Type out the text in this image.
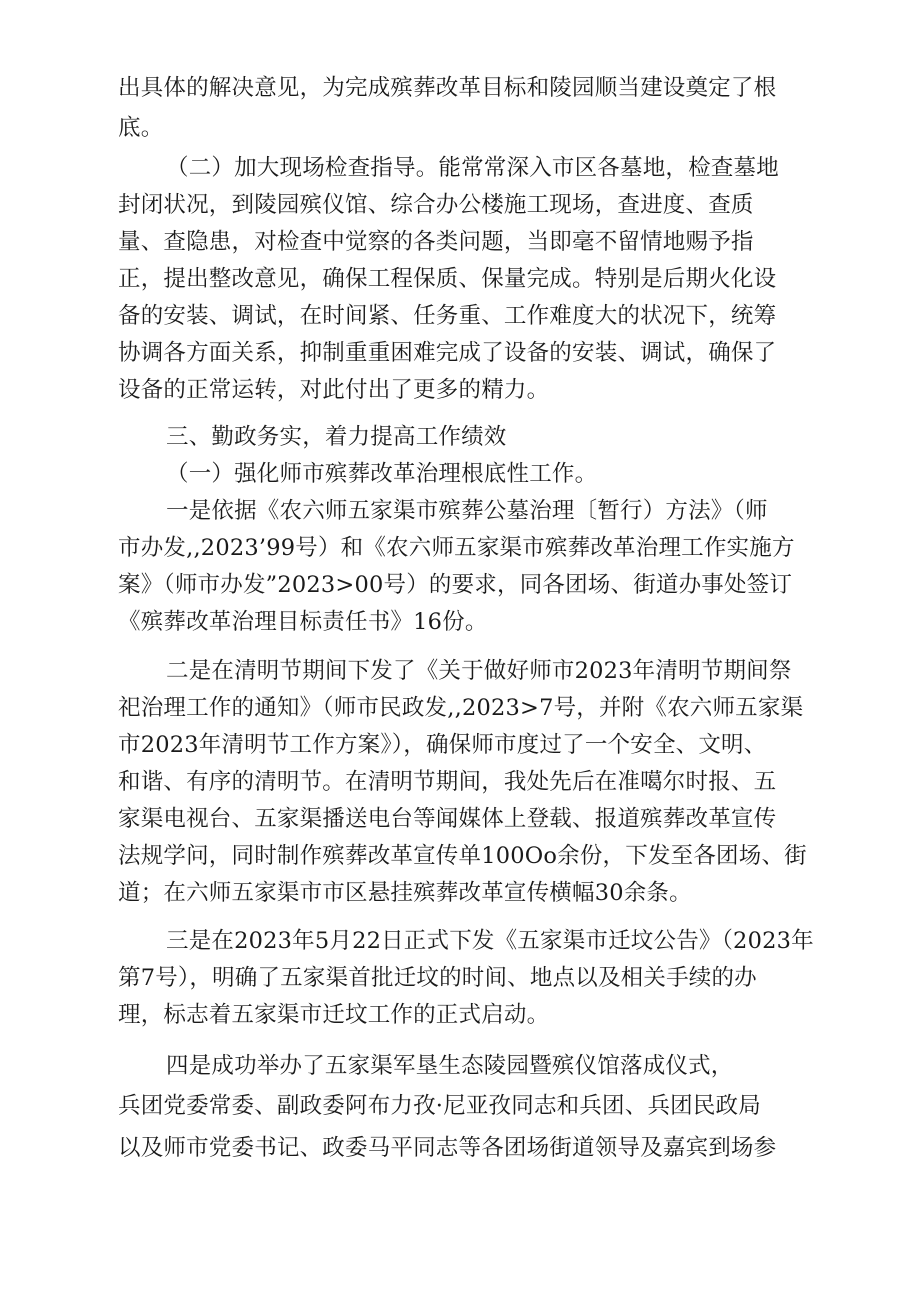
出具体的解决意见，为完成殡葬改革目标和陵园顺当建设奠定了根
底。
（二）加大现场检查指导。能常常深入市区各墓地，检查墓地
封闭状况，到陵园殡仪馆、综合办公楼施工现场，查进度、查质
量、查隐患，对检查中觉察的各类问题，当即毫不留情地赐予指
正，提出整改意见，确保工程保质、保量完成。特别是后期火化设
备的安装、调试，在时间紧、任务重、工作难度大的状况下，统筹
协调各方面关系，抑制重重困难完成了设备的安装、调试，确保了
设备的正常运转，对此付出了更多的精力。
三、勤政务实，着力提高工作绩效
（一）强化师市殡葬改革治理根底性工作。
一是依据《农六师五家渠市殡葬公墓治理〔暂行）方法》（师
市办发,,2023’99号）和《农六师五家渠市殡葬改革治理工作实施方
案》（师市办发”2023>00号）的要求，同各团场、街道办事处签订
《殡葬改革治理目标责任书》16份。
二是在清明节期间下发了《关于做好师市2023年清明节期间祭
祀治理工作的通知》（师市民政发,,2023>7号，并附《农六师五家渠
市2023年清明节工作方案》），确保师市度过了一个安全、文明、
和谐、有序的清明节。在清明节期间，我处先后在准噶尔时报、五
家渠电视台、五家渠播送电台等闻媒体上登载、报道殡葬改革宣传
法规学问，同时制作殡葬改革宣传单100Oo余份，下发至各团场、街
道；在六师五家渠市市区悬挂殡葬改革宣传横幅30余条。
三是在2023年5月22日正式下发《五家渠市迁坟公告》（2023年
第7号），明确了五家渠首批迁坟的时间、地点以及相关手续的办
理，标志着五家渠市迁坟工作的正式启动。
四是成功举办了五家渠军垦生态陵园暨殡仪馆落成仪式，
兵团党委常委、副政委阿布力孜·尼亚孜同志和兵团、兵团民政局
以及师市党委书记、政委马平同志等各团场街道领导及嘉宾到场参
